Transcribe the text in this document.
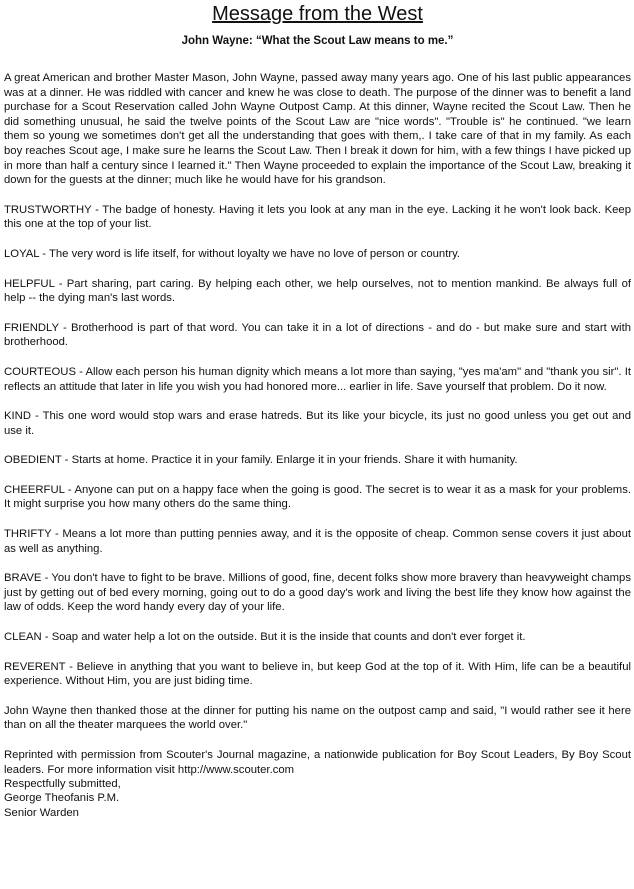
Message from the West

John Wayne: “What the Scout Law means to me.”

A great American and brother Master Mason, John Wayne, passed away many years ago. One of his last public appearances was at a dinner. He was riddled with cancer and knew he was close to death. The purpose of the dinner was to benefit a land purchase for a Scout Reservation called John Wayne Outpost Camp. At this dinner, Wayne recited the Scout Law. Then he did something unusual, he said the twelve points of the Scout Law are "nice words". "Trouble is" he continued. "we learn them so young we sometimes don't get all the understanding that goes with them,. I take care of that in my family. As each boy reaches Scout age, I make sure he learns the Scout Law. Then I break it down for him, with a few things I have picked up in more than half a century since I learned it." Then Wayne proceeded to explain the importance of the Scout Law, breaking it down for the guests at the dinner; much like he would have for his grandson.

TRUSTWORTHY - The badge of honesty. Having it lets you look at any man in the eye. Lacking it he won't look back. Keep this one at the top of your list.

LOYAL - The very word is life itself, for without loyalty we have no love of person or country.

HELPFUL - Part sharing, part caring. By helping each other, we help ourselves, not to mention mankind. Be always full of help -- the dying man's last words.

FRIENDLY - Brotherhood is part of that word. You can take it in a lot of directions - and do - but make sure and start with brotherhood.

COURTEOUS - Allow each person his human dignity which means a lot more than saying, "yes ma'am" and "thank you sir". It reflects an attitude that later in life you wish you had honored more... earlier in life. Save yourself that problem. Do it now.

KIND - This one word would stop wars and erase hatreds. But its like your bicycle, its just no good unless you get out and use it.

OBEDIENT - Starts at home. Practice it in your family. Enlarge it in your friends. Share it with humanity.

CHEERFUL - Anyone can put on a happy face when the going is good. The secret is to wear it as a mask for your problems. It might surprise you how many others do the same thing.

THRIFTY - Means a lot more than putting pennies away, and it is the opposite of cheap. Common sense covers it just about as well as anything.

BRAVE - You don't have to fight to be brave. Millions of good, fine, decent folks show more bravery than heavyweight champs just by getting out of bed every morning, going out to do a good day's work and living the best life they know how against the law of odds. Keep the word handy every day of your life.

CLEAN - Soap and water help a lot on the outside. But it is the inside that counts and don't ever forget it.

REVERENT - Believe in anything that you want to believe in, but keep God at the top of it. With Him, life can be a beautiful experience. Without Him, you are just biding time.

John Wayne then thanked those at the dinner for putting his name on the outpost camp and said, "I would rather see it here than on all the theater marquees the world over."

Reprinted with permission from Scouter's Journal magazine, a nationwide publication for Boy Scout Leaders, By Boy Scout leaders. For more information visit http://www.scouter.com

Respectfully submitted,

George Theofanis P.M.

Senior Warden
